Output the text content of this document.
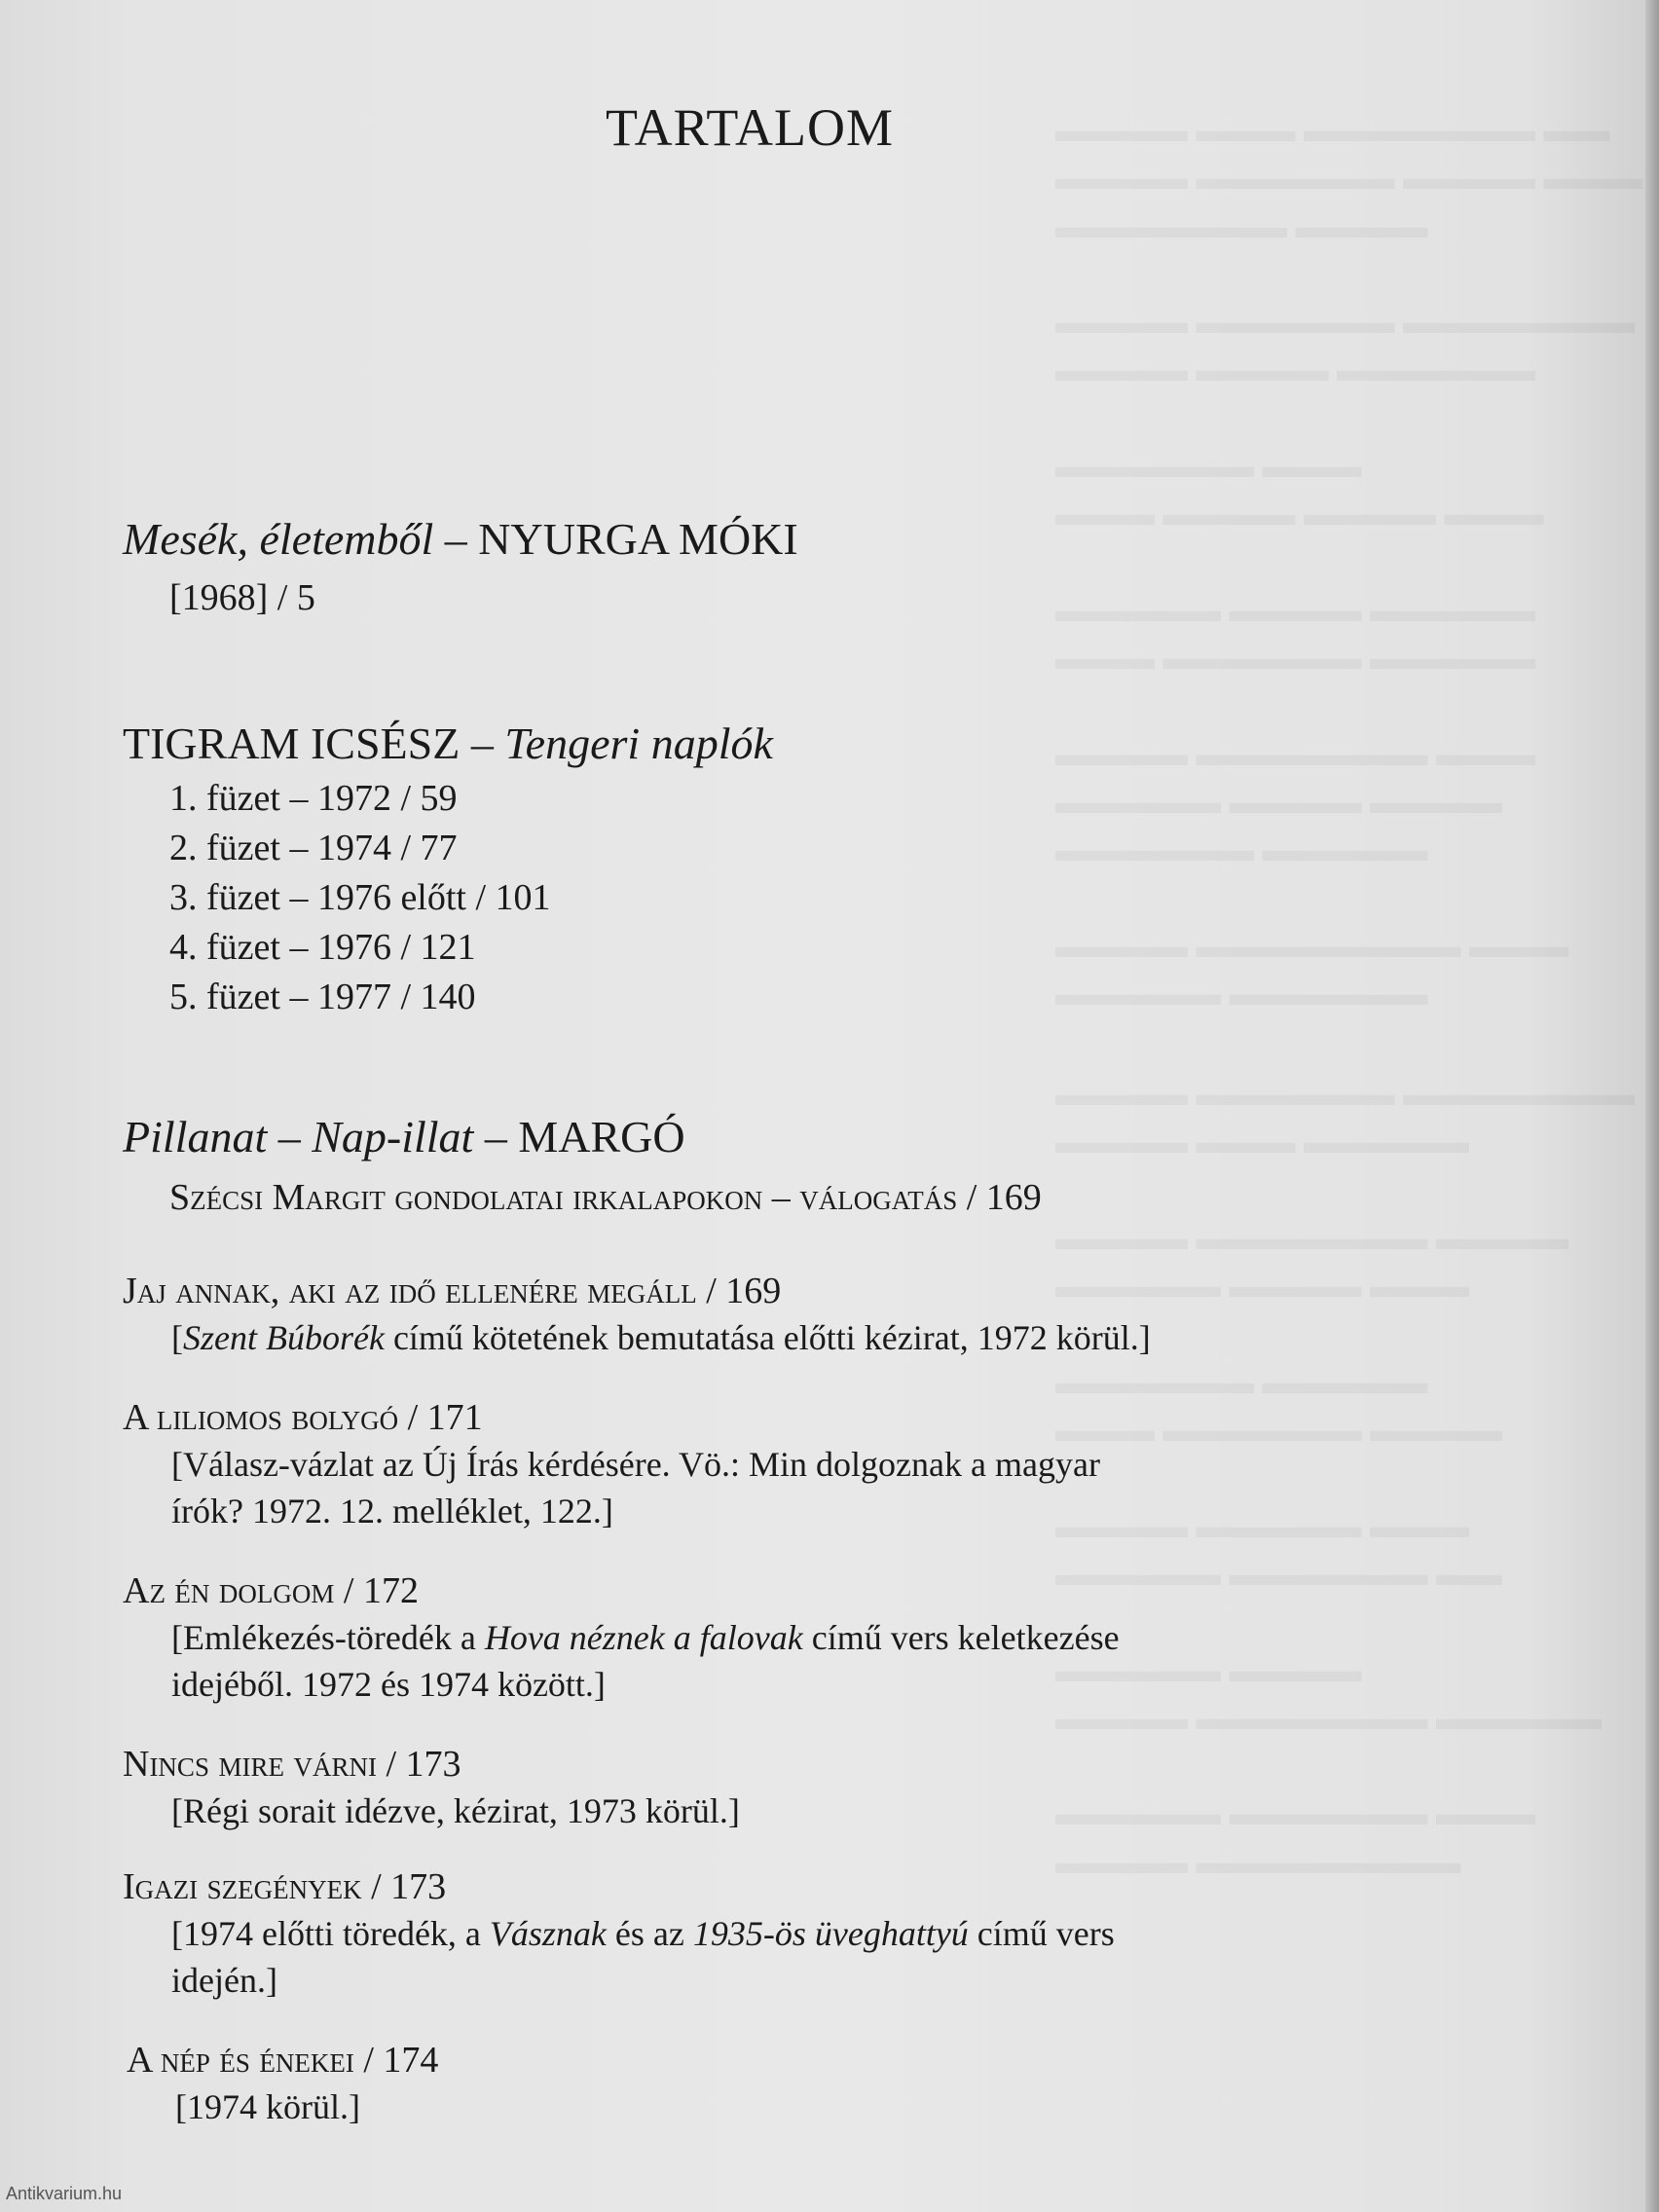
TARTALOM
Mesék, életemből – NYURGA MÓKI
[1968] / 5
TIGRAM ICSÉSZ – Tengeri naplók
1. füzet – 1972 / 59
2. füzet – 1974 / 77
3. füzet – 1976 előtt / 101
4. füzet – 1976 / 121
5. füzet – 1977 / 140
Pillanat – Nap-illat – MARGÓ
Szécsi Margit gondolatai irkalapokon – válogatás / 169
Jaj annak, aki az idő ellenére megáll / 169
[Szent Búborék című kötetének bemutatása előtti kézirat, 1972 körül.]
A liliomos bolygó / 171
[Válasz-vázlat az Új Írás kérdésére. Vö.: Min dolgoznak a magyar
írók? 1972. 12. melléklet, 122.]
Az én dolgom / 172
[Emlékezés-töredék a Hova néznek a falovak című vers keletkezése
idejéből. 1972 és 1974 között.]
Nincs mire várni / 173
[Régi sorait idézve, kézirat, 1973 körül.]
Igazi szegények / 173
[1974 előtti töredék, a Vásznak és az 1935-ös üveghattyú című vers
idején.]
A nép és énekei / 174
[1974 körül.]
Antikvarium.hu
